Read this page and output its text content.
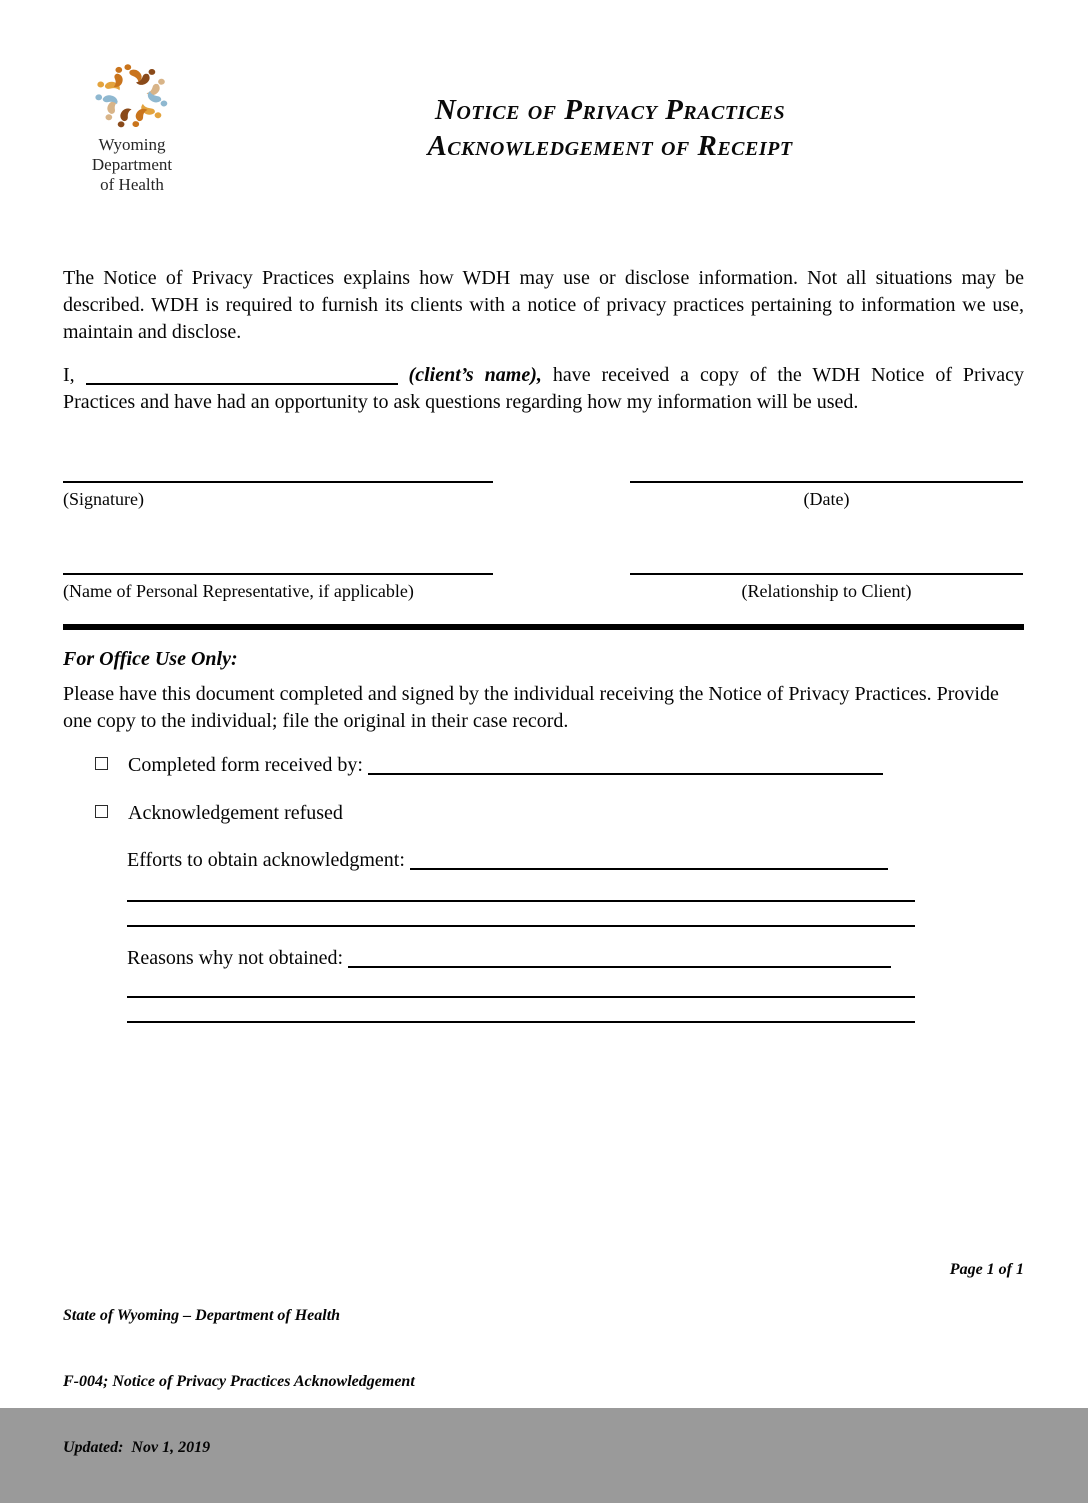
Wyoming
Department
of Health
Notice of Privacy Practices
Acknowledgement of Receipt
The Notice of Privacy Practices explains how WDH may use or disclose information. Not all situations may be described. WDH is required to furnish its clients with a notice of privacy practices pertaining to information we use, maintain and disclose.
I,	(client’s name), have received a copy of the WDH Notice of Privacy Practices and have had an opportunity to ask questions regarding how my information will be used.
(Signature)	(Date)
(Name of Personal Representative, if applicable)	(Relationship to Client)
For Office Use Only:
Please have this document completed and signed by the individual receiving the Notice of Privacy Practices. Provide one copy to the individual; file the original in their case record.
Completed form received by:
Acknowledgement refused
Efforts to obtain acknowledgment:
Reasons why not obtained:

State of Wyoming – Department of Health

F-004; Notice of Privacy Practices Acknowledgement

Updated:  Nov 1, 2019

Page 1 of 1
